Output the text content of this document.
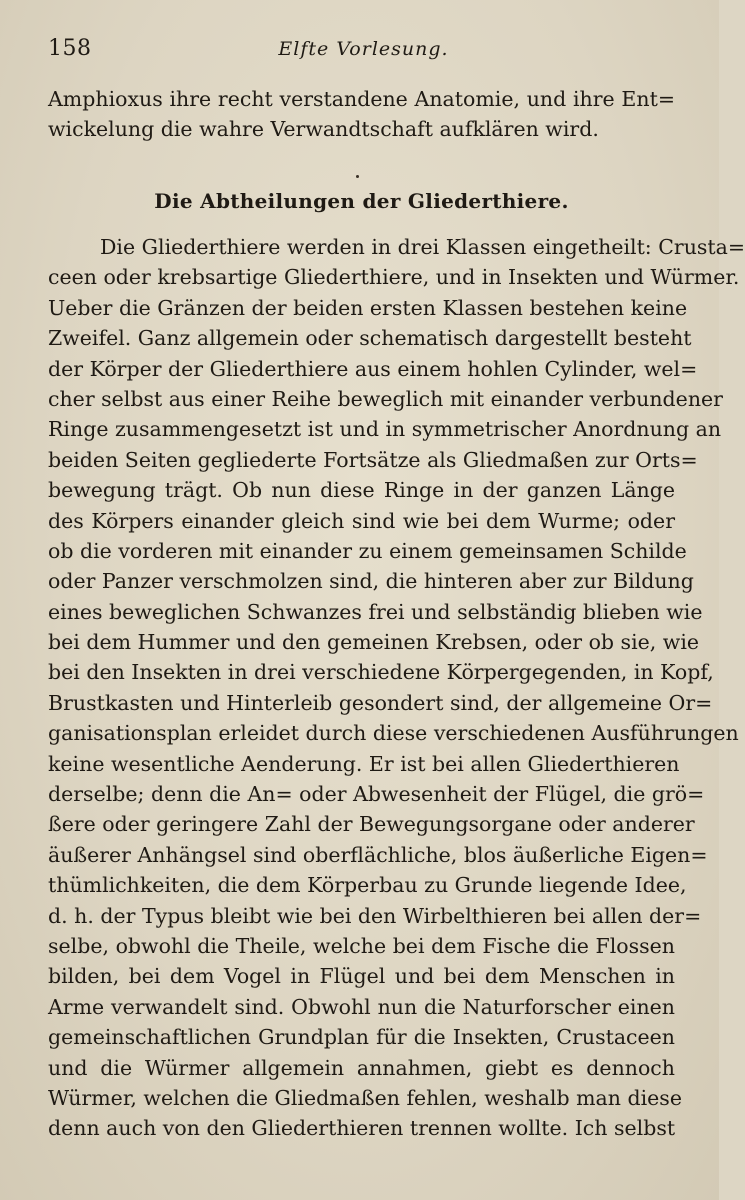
158	Elfte Vorlesung.
Amphioxus ihre recht verstandene Anatomie, und ihre Ent=
wickelung die wahre Verwandtschaft aufklären wird.
Die Abtheilungen der Gliederthiere.
Die Gliederthiere werden in drei Klassen eingetheilt: Crusta=
ceen oder krebsartige Gliederthiere, und in Insekten und Würmer.
Ueber die Gränzen der beiden ersten Klassen bestehen keine
Zweifel. Ganz allgemein oder schematisch dargestellt besteht
der Körper der Gliederthiere aus einem hohlen Cylinder, wel=
cher selbst aus einer Reihe beweglich mit einander verbundener
Ringe zusammengesetzt ist und in symmetrischer Anordnung an
beiden Seiten gegliederte Fortsätze als Gliedmaßen zur Orts=
bewegung trägt. Ob nun diese Ringe in der ganzen Länge
des Körpers einander gleich sind wie bei dem Wurme; oder
ob die vorderen mit einander zu einem gemeinsamen Schilde
oder Panzer verschmolzen sind, die hinteren aber zur Bildung
eines beweglichen Schwanzes frei und selbständig blieben wie
bei dem Hummer und den gemeinen Krebsen, oder ob sie, wie
bei den Insekten in drei verschiedene Körpergegenden, in Kopf,
Brustkasten und Hinterleib gesondert sind, der allgemeine Or=
ganisationsplan erleidet durch diese verschiedenen Ausführungen
keine wesentliche Aenderung. Er ist bei allen Gliederthieren
derselbe; denn die An= oder Abwesenheit der Flügel, die grö=
ßere oder geringere Zahl der Bewegungsorgane oder anderer
äußerer Anhängsel sind oberflächliche, blos äußerliche Eigen=
thümlichkeiten, die dem Körperbau zu Grunde liegende Idee,
d. h. der Typus bleibt wie bei den Wirbelthieren bei allen der=
selbe, obwohl die Theile, welche bei dem Fische die Flossen
bilden, bei dem Vogel in Flügel und bei dem Menschen in
Arme verwandelt sind. Obwohl nun die Naturforscher einen
gemeinschaftlichen Grundplan für die Insekten, Crustaceen
und die Würmer allgemein annahmen, giebt es dennoch
Würmer, welchen die Gliedmaßen fehlen, weshalb man diese
denn auch von den Gliederthieren trennen wollte. Ich selbst
